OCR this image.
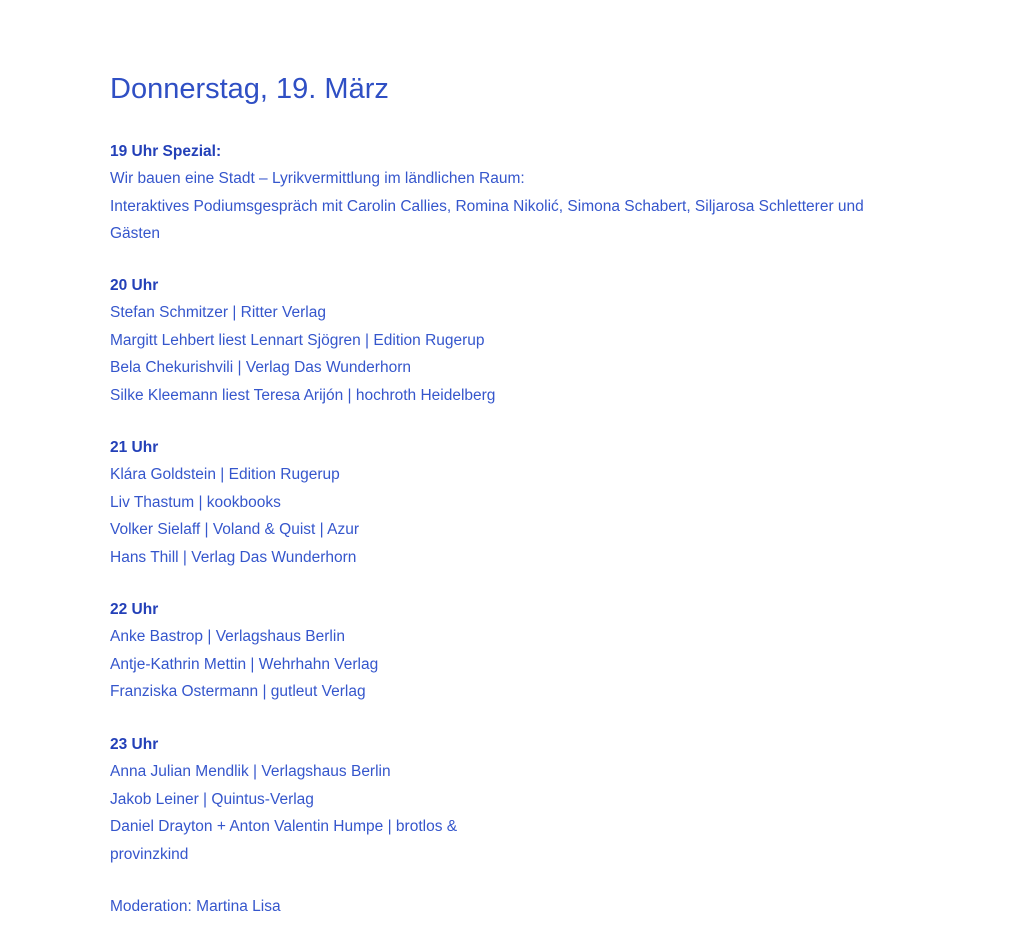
Donnerstag, 19. März
19 Uhr Spezial:
Wir bauen eine Stadt – Lyrikvermittlung im ländlichen Raum:
Interaktives Podiumsgespräch mit Carolin Callies, Romina Nikolić, Simona Schabert, Siljarosa Schletterer und
Gästen
20 Uhr
Stefan Schmitzer | Ritter Verlag
Margitt Lehbert liest Lennart Sjögren | Edition Rugerup
Bela Chekurishvili | Verlag Das Wunderhorn
Silke Kleemann liest Teresa Arijón | hochroth Heidelberg
21 Uhr
Klára Goldstein | Edition Rugerup
Liv Thastum | kookbooks
Volker Sielaff | Voland & Quist | Azur
Hans Thill | Verlag Das Wunderhorn
22 Uhr
Anke Bastrop | Verlagshaus Berlin
Antje-Kathrin Mettin | Wehrhahn Verlag
Franziska Ostermann | gutleut Verlag
23 Uhr
Anna Julian Mendlik | Verlagshaus Berlin
Jakob Leiner | Quintus-Verlag
Daniel Drayton + Anton Valentin Humpe | brotlos &
provinzkind
Moderation: Martina Lisa
